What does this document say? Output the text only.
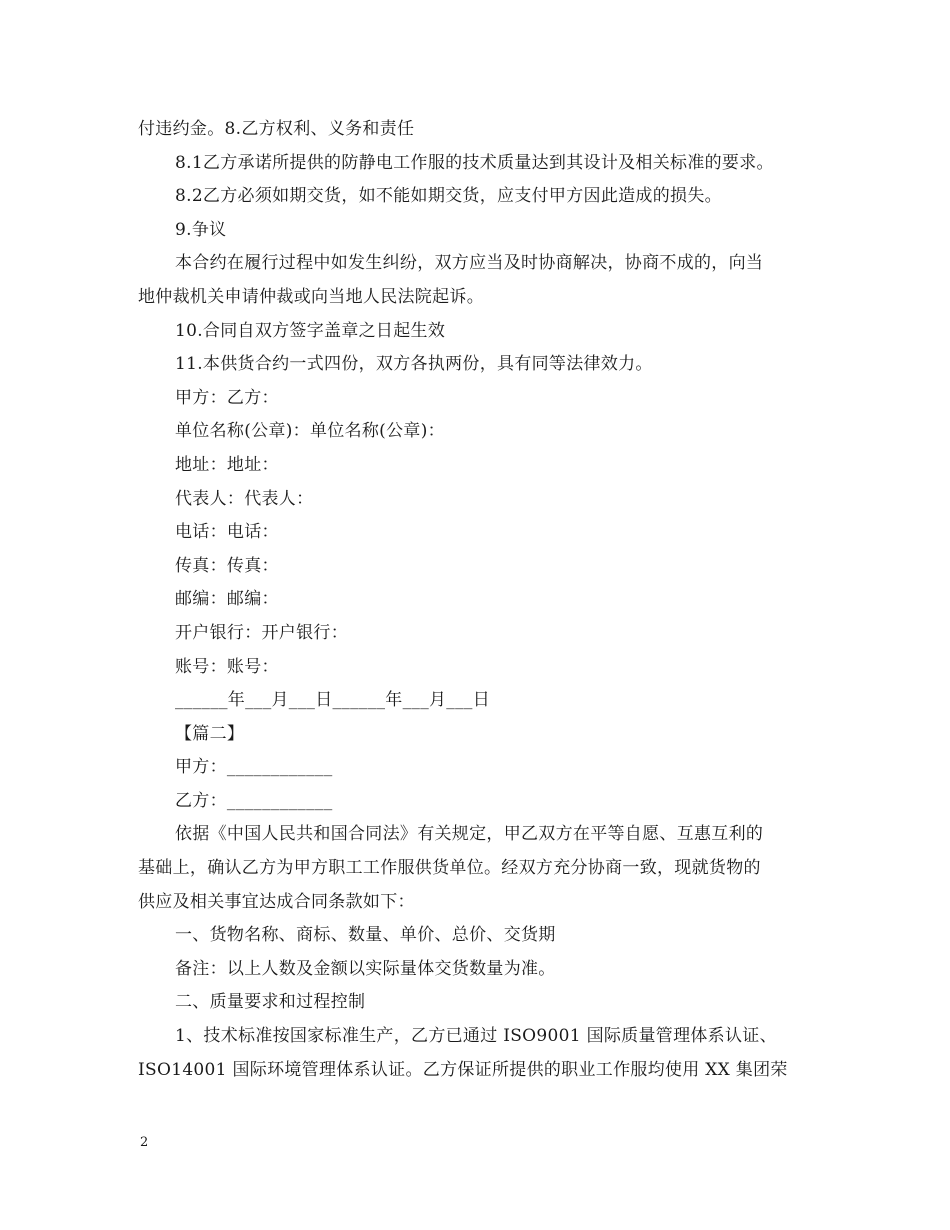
付违约金。8.乙方权利、义务和责任
8.1乙方承诺所提供的防静电工作服的技术质量达到其设计及相关标准的要求。
8.2乙方必须如期交货，如不能如期交货，应支付甲方因此造成的损失。
9.争议
本合约在履行过程中如发生纠纷，双方应当及时协商解决，协商不成的，向当
地仲裁机关申请仲裁或向当地人民法院起诉。
10.合同自双方签字盖章之日起生效
11.本供货合约一式四份，双方各执两份，具有同等法律效力。
甲方：乙方：
单位名称(公章)：单位名称(公章)：
地址：地址：
代表人：代表人：
电话：电话：
传真：传真：
邮编：邮编：
开户银行：开户银行：
账号：账号：
______年___月___日______年___月___日
【篇二】
甲方：____________
乙方：____________
依据《中国人民共和国合同法》有关规定，甲乙双方在平等自愿、互惠互利的
基础上，确认乙方为甲方职工工作服供货单位。经双方充分协商一致，现就货物的
供应及相关事宜达成合同条款如下：
一、货物名称、商标、数量、单价、总价、交货期
备注：以上人数及金额以实际量体交货数量为准。
二、质量要求和过程控制
1、技术标准按国家标准生产，乙方已通过 ISO9001 国际质量管理体系认证、
ISO14001 国际环境管理体系认证。乙方保证所提供的职业工作服均使用 XX 集团荣
2
